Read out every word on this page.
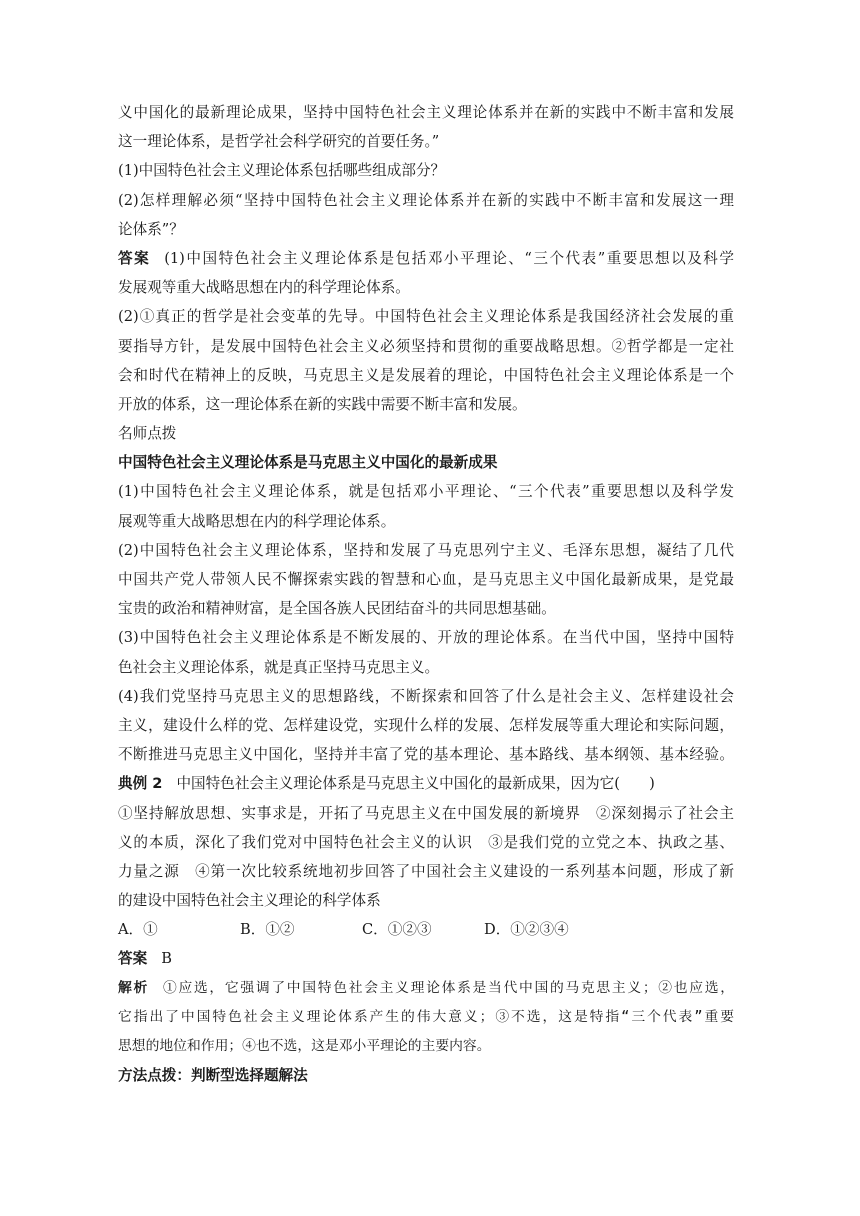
义中国化的最新理论成果，坚持中国特色社会主义理论体系并在新的实践中不断丰富和发展
这一理论体系，是哲学社会科学研究的首要任务。”
(1)中国特色社会主义理论体系包括哪些组成部分？
(2)怎样理解必须“坚持中国特色社会主义理论体系并在新的实践中不断丰富和发展这一理
论体系”？
答案 (1)中国特色社会主义理论体系是包括邓小平理论、“三个代表”重要思想以及科学
发展观等重大战略思想在内的科学理论体系。
(2)①真正的哲学是社会变革的先导。中国特色社会主义理论体系是我国经济社会发展的重
要指导方针，是发展中国特色社会主义必须坚持和贯彻的重要战略思想。②哲学都是一定社
会和时代在精神上的反映，马克思主义是发展着的理论，中国特色社会主义理论体系是一个
开放的体系，这一理论体系在新的实践中需要不断丰富和发展。
名师点拨
中国特色社会主义理论体系是马克思主义中国化的最新成果
(1)中国特色社会主义理论体系，就是包括邓小平理论、“三个代表”重要思想以及科学发
展观等重大战略思想在内的科学理论体系。
(2)中国特色社会主义理论体系，坚持和发展了马克思列宁主义、毛泽东思想，凝结了几代
中国共产党人带领人民不懈探索实践的智慧和心血，是马克思主义中国化最新成果，是党最
宝贵的政治和精神财富，是全国各族人民团结奋斗的共同思想基础。
(3)中国特色社会主义理论体系是不断发展的、开放的理论体系。在当代中国，坚持中国特
色社会主义理论体系，就是真正坚持马克思主义。
(4)我们党坚持马克思主义的思想路线，不断探索和回答了什么是社会主义、怎样建设社会
主义，建设什么样的党、怎样建设党，实现什么样的发展、怎样发展等重大理论和实际问题，
不断推进马克思主义中国化，坚持并丰富了党的基本理论、基本路线、基本纲领、基本经验。
典例 2 中国特色社会主义理论体系是马克思主义中国化的最新成果，因为它(　　)
①坚持解放思想、实事求是，开拓了马克思主义在中国发展的新境界　②深刻揭示了社会主
义的本质，深化了我们党对中国特色社会主义的认识　③是我们党的立党之本、执政之基、
力量之源　④第一次比较系统地初步回答了中国社会主义建设的一系列基本问题，形成了新
的建设中国特色社会主义理论的科学体系
A．①	B．①②	C．①②③	D．①②③④
答案 B
解析 ①应选，它强调了中国特色社会主义理论体系是当代中国的马克思主义；②也应选，
它指出了中国特色社会主义理论体系产生的伟大意义；③不选，这是特指“三个代表”重要
思想的地位和作用；④也不选，这是邓小平理论的主要内容。
方法点拨：判断型选择题解法
